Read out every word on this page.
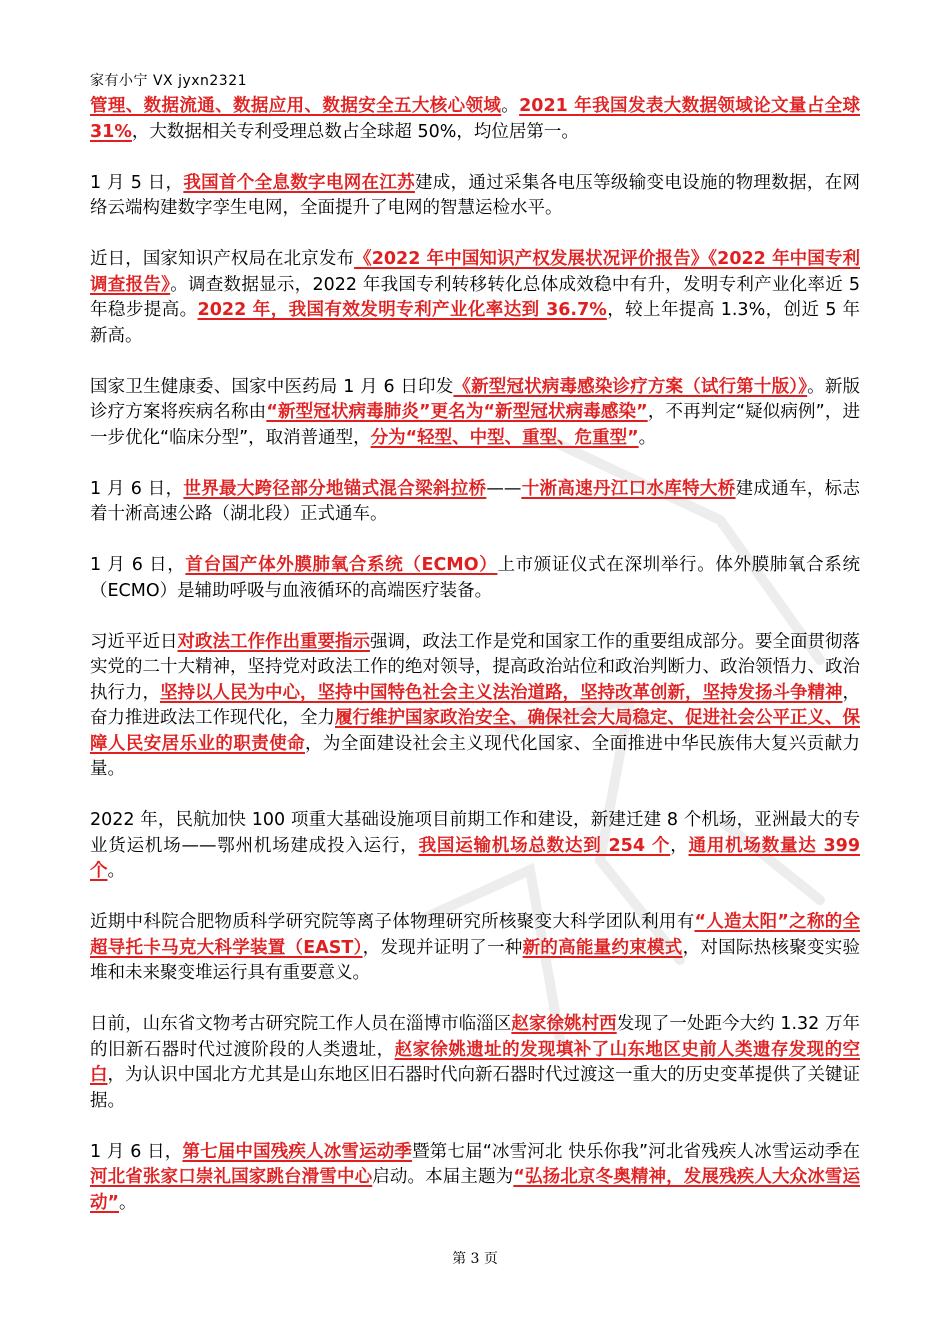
家有小宁 VX jyxn2321

管理、数据流通、数据应用、数据安全五大核心领域。2021 年我国发表大数据领域论文量占全球 31%，大数据相关专利受理总数占全球超 50%，均位居第一。

1 月 5 日，我国首个全息数字电网在江苏建成，通过采集各电压等级输变电设施的物理数据，在网络云端构建数字孪生电网，全面提升了电网的智慧运检水平。

近日，国家知识产权局在北京发布《2022 年中国知识产权发展状况评价报告》《2022 年中国专利调查报告》。调查数据显示，2022 年我国专利转移转化总体成效稳中有升，发明专利产业化率近 5 年稳步提高。2022 年，我国有效发明专利产业化率达到 36.7%，较上年提高 1.3%，创近 5 年新高。

国家卫生健康委、国家中医药局 1 月 6 日印发《新型冠状病毒感染诊疗方案（试行第十版）》。新版诊疗方案将疾病名称由“新型冠状病毒肺炎”更名为“新型冠状病毒感染”，不再判定“疑似病例”，进一步优化“临床分型”，取消普通型，分为“轻型、中型、重型、危重型”。

1 月 6 日，世界最大跨径部分地锚式混合梁斜拉桥——十淅高速丹江口水库特大桥建成通车，标志着十淅高速公路（湖北段）正式通车。

1 月 6 日，首台国产体外膜肺氧合系统（ECMO）上市颁证仪式在深圳举行。体外膜肺氧合系统（ECMO）是辅助呼吸与血液循环的高端医疗装备。

习近平近日对政法工作作出重要指示强调，政法工作是党和国家工作的重要组成部分。要全面贯彻落实党的二十大精神，坚持党对政法工作的绝对领导，提高政治站位和政治判断力、政治领悟力、政治执行力，坚持以人民为中心，坚持中国特色社会主义法治道路，坚持改革创新，坚持发扬斗争精神，奋力推进政法工作现代化，全力履行维护国家政治安全、确保社会大局稳定、促进社会公平正义、保障人民安居乐业的职责使命，为全面建设社会主义现代化国家、全面推进中华民族伟大复兴贡献力量。

2022 年，民航加快 100 项重大基础设施项目前期工作和建设，新建迁建 8 个机场，亚洲最大的专业货运机场——鄂州机场建成投入运行，我国运输机场总数达到 254 个，通用机场数量达 399 个。

近期中科院合肥物质科学研究院等离子体物理研究所核聚变大科学团队利用有“人造太阳”之称的全超导托卡马克大科学装置（EAST），发现并证明了一种新的高能量约束模式，对国际热核聚变实验堆和未来聚变堆运行具有重要意义。

日前，山东省文物考古研究院工作人员在淄博市临淄区赵家徐姚村西发现了一处距今大约 1.32 万年的旧新石器时代过渡阶段的人类遗址，赵家徐姚遗址的发现填补了山东地区史前人类遗存发现的空白，为认识中国北方尤其是山东地区旧石器时代向新石器时代过渡这一重大的历史变革提供了关键证据。

1 月 6 日，第七届中国残疾人冰雪运动季暨第七届“冰雪河北 快乐你我”河北省残疾人冰雪运动季在河北省张家口崇礼国家跳台滑雪中心启动。本届主题为“弘扬北京冬奥精神，发展残疾人大众冰雪运动”。

第 3 页
